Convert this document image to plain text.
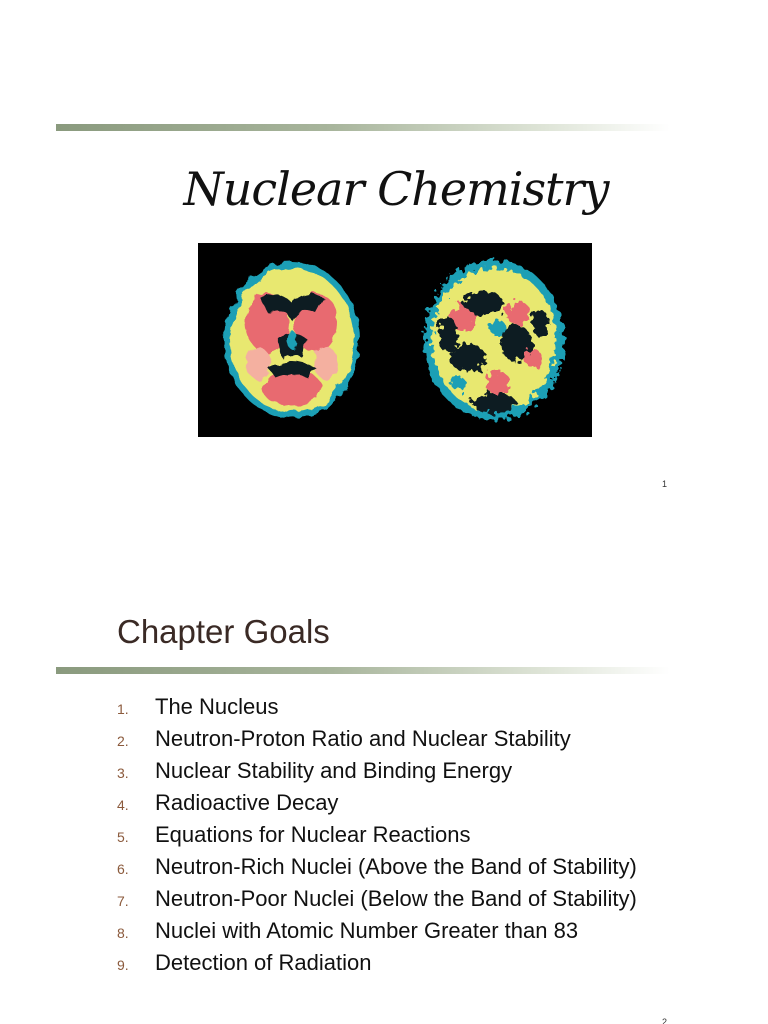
Nuclear Chemistry
1
Chapter Goals
1.	The Nucleus
2.	Neutron-Proton Ratio and Nuclear Stability
3.	Nuclear Stability and Binding Energy
4.	Radioactive Decay
5.	Equations for Nuclear Reactions
6.	Neutron-Rich Nuclei (Above the Band of Stability)
7.	Neutron-Poor Nuclei (Below the Band of Stability)
8.	Nuclei with Atomic Number Greater than 83
9.	Detection of Radiation
2
